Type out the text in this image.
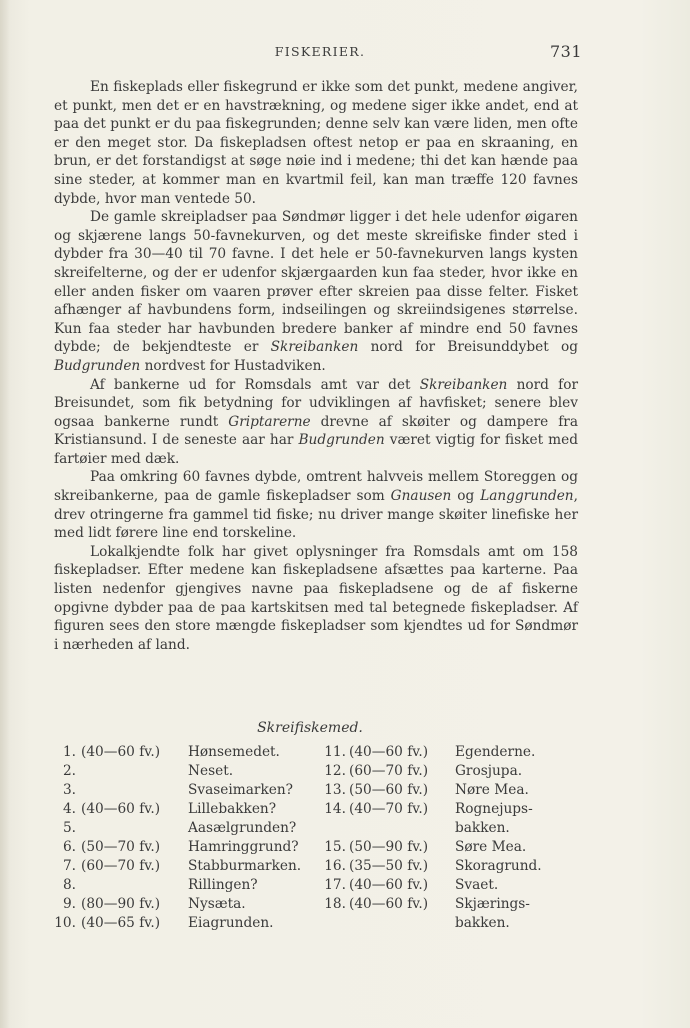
FISKERIER.	731

En fiskeplads eller fiskegrund er ikke som det punkt, medene angiver, et punkt, men det er en havstrækning, og medene siger ikke andet, end at paa det punkt er du paa fiskegrunden; denne selv kan være liden, men ofte er den meget stor. Da fiskepladsen oftest netop er paa en skraaning, en brun, er det forstandigst at søge nøie ind i medene; thi det kan hænde paa sine steder, at kommer man en kvartmil feil, kan man træffe 120 favnes dybde, hvor man ventede 50.

De gamle skreipladser paa Søndmør ligger i det hele udenfor øigaren og skjærene langs 50-favnekurven, og det meste skreifiske finder sted i dybder fra 30—40 til 70 favne. I det hele er 50-favnekurven langs kysten skreifelterne, og der er udenfor skjærgaarden kun faa steder, hvor ikke en eller anden fisker om vaaren prøver efter skreien paa disse felter. Fisket afhænger af havbundens form, indseilingen og skreiindsigenes størrelse. Kun faa steder har havbunden bredere banker af mindre end 50 favnes dybde; de bekjendteste er Skreibanken nord for Breisunddybet og Budgrunden nordvest for Hustadviken.

Af bankerne ud for Romsdals amt var det Skreibanken nord for Breisundet, som fik betydning for udviklingen af havfisket; senere blev ogsaa bankerne rundt Griptarerne drevne af skøiter og dampere fra Kristiansund. I de seneste aar har Budgrunden været vigtig for fisket med fartøier med dæk.

Paa omkring 60 favnes dybde, omtrent halvveis mellem Storeggen og skreibankerne, paa de gamle fiskepladser som Gnausen og Langgrunden, drev otringerne fra gammel tid fiske; nu driver mange skøiter linefiske her med lidt førere line end torskeline.

Lokalkjendte folk har givet oplysninger fra Romsdals amt om 158 fiskepladser. Efter medene kan fiskepladsene afsættes paa karterne. Paa listen nedenfor gjengives navne paa fiskepladsene og de af fiskerne opgivne dybder paa de paa kartskitsen med tal betegnede fiskepladser. Af figuren sees den store mængde fiskepladser som kjendtes ud for Søndmør i nærheden af land.

Skreifiskemed.
1. (40—60 fv.) Hønsemedet.
2.	Neset.
3.	Svaseimarken?
4. (40—60 fv.) Lillebakken?
5.	Aasælgrunden?
6. (50—70 fv.) Hamringgrund?
7. (60—70 fv.) Stabburmarken.
8.	Rillingen?
9. (80—90 fv.) Nysæta.
10. (40—65 fv.) Eiagrunden.
11. (40—60 fv.) Egenderne.
12. (60—70 fv.) Grosjupa.
13. (50—60 fv.) Nøre Mea.
14. (40—70 fv.) Rognejups-
bakken.
15. (50—90 fv.) Søre Mea.
16. (35—50 fv.) Skoragrund.
17. (40—60 fv.) Svaet.
18. (40—60 fv.) Skjærings-
bakken.
